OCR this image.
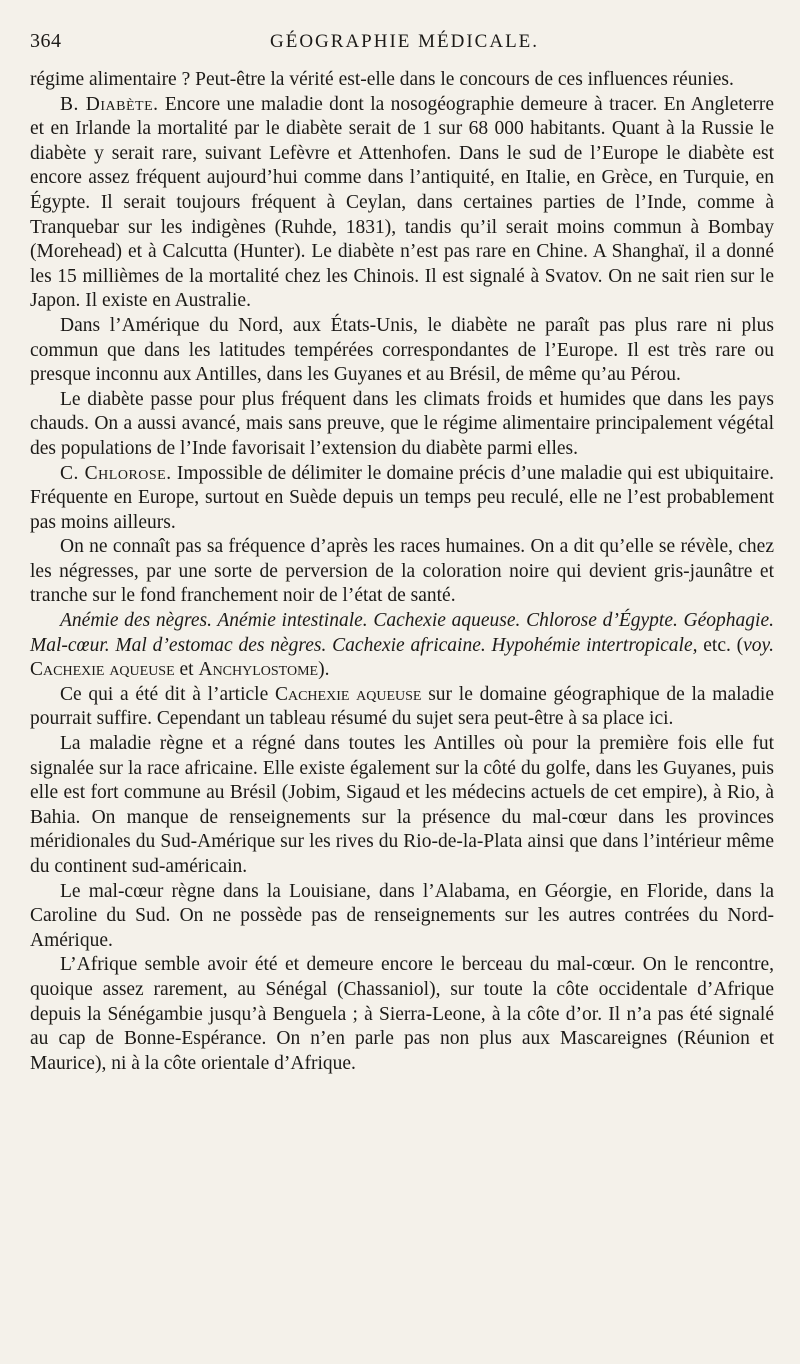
364	GÉOGRAPHIE MÉDICALE.

régime alimentaire ? Peut-être la vérité est-elle dans le concours de ces influences réunies.

B. Diabète. Encore une maladie dont la nosogéographie demeure à tracer. En Angleterre et en Irlande la mortalité par le diabète serait de 1 sur 68 000 habitants. Quant à la Russie le diabète y serait rare, suivant Lefèvre et Attenhofen. Dans le sud de l’Europe le diabète est encore assez fréquent aujourd’hui comme dans l’antiquité, en Italie, en Grèce, en Turquie, en Égypte. Il serait toujours fréquent à Ceylan, dans certaines parties de l’Inde, comme à Tranquebar sur les indigènes (Ruhde, 1831), tandis qu’il serait moins commun à Bombay (Morehead) et à Calcutta (Hunter). Le diabète n’est pas rare en Chine. A Shanghaï, il a donné les 15 millièmes de la mortalité chez les Chinois. Il est signalé à Svatov. On ne sait rien sur le Japon. Il existe en Australie.

Dans l’Amérique du Nord, aux États-Unis, le diabète ne paraît pas plus rare ni plus commun que dans les latitudes tempérées correspondantes de l’Europe. Il est très rare ou presque inconnu aux Antilles, dans les Guyanes et au Brésil, de même qu’au Pérou.

Le diabète passe pour plus fréquent dans les climats froids et humides que dans les pays chauds. On a aussi avancé, mais sans preuve, que le régime alimentaire principalement végétal des populations de l’Inde favorisait l’extension du diabète parmi elles.

C. Chlorose. Impossible de délimiter le domaine précis d’une maladie qui est ubiquitaire. Fréquente en Europe, surtout en Suède depuis un temps peu reculé, elle ne l’est probablement pas moins ailleurs.

On ne connaît pas sa fréquence d’après les races humaines. On a dit qu’elle se révèle, chez les négresses, par une sorte de perversion de la coloration noire qui devient gris-jaunâtre et tranche sur le fond franchement noir de l’état de santé.

Anémie des nègres. Anémie intestinale. Cachexie aqueuse. Chlorose d’Égypte. Géophagie. Mal-cœur. Mal d’estomac des nègres. Cachexie africaine. Hypohémie intertropicale, etc. (voy. Cachexie aqueuse et Anchylostome).

Ce qui a été dit à l’article Cachexie aqueuse sur le domaine géographique de la maladie pourrait suffire. Cependant un tableau résumé du sujet sera peut-être à sa place ici.

La maladie règne et a régné dans toutes les Antilles où pour la première fois elle fut signalée sur la race africaine. Elle existe également sur la côté du golfe, dans les Guyanes, puis elle est fort commune au Brésil (Jobim, Sigaud et les médecins actuels de cet empire), à Rio, à Bahia. On manque de renseignements sur la présence du mal-cœur dans les provinces méridionales du Sud-Amérique sur les rives du Rio-de-la-Plata ainsi que dans l’intérieur même du continent sud-américain.

Le mal-cœur règne dans la Louisiane, dans l’Alabama, en Géorgie, en Floride, dans la Caroline du Sud. On ne possède pas de renseignements sur les autres contrées du Nord-Amérique.

L’Afrique semble avoir été et demeure encore le berceau du mal-cœur. On le rencontre, quoique assez rarement, au Sénégal (Chassaniol), sur toute la côte occidentale d’Afrique depuis la Sénégambie jusqu’à Benguela ; à Sierra-Leone, à la côte d’or. Il n’a pas été signalé au cap de Bonne-Espérance. On n’en parle pas non plus aux Mascareignes (Réunion et Maurice), ni à la côte orientale d’Afrique.
